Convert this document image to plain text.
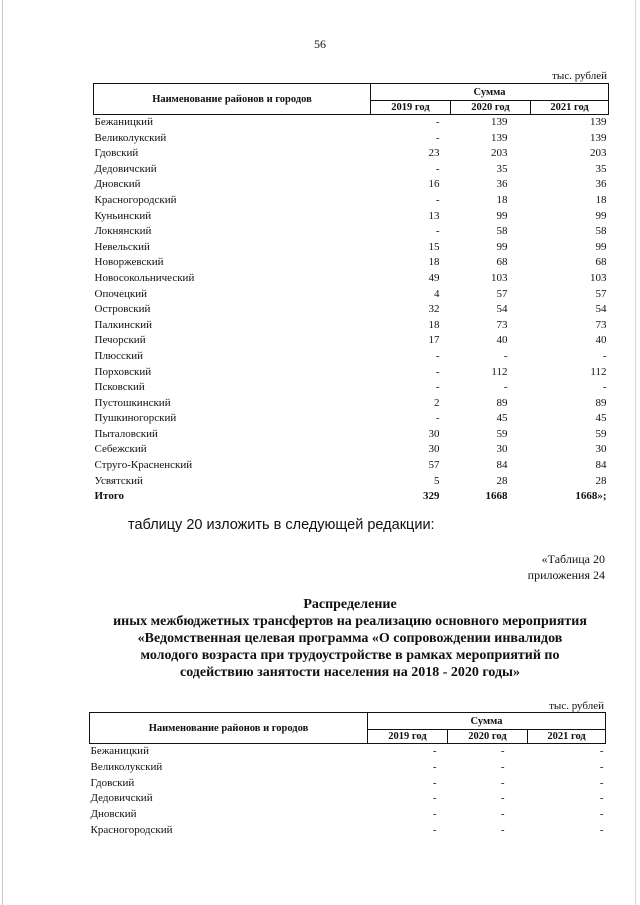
56
тыс. рублей
Наименование районов и городов	Сумма		
	2019 год	2020 год	2021 год
Бежаницкий	-	139	139
Великолукский	-	139	139
Гдовский	23	203	203
Дедовичский	-	35	35
Дновский	16	36	36
Красногородский	-	18	18
Куньинский	13	99	99
Локнянский	-	58	58
Невельский	15	99	99
Новоржевский	18	68	68
Новосокольнический	49	103	103
Опочецкий	4	57	57
Островский	32	54	54
Палкинский	18	73	73
Печорский	17	40	40
Плюсский	-	-	-
Порховский	-	112	112
Псковский	-	-	-
Пустошкинский	2	89	89
Пушкиногорский	-	45	45
Пыталовский	30	59	59
Себежский	30	30	30
Струго-Красненский	57	84	84
Усвятский	5	28	28
Итого	329	1668	1668»;
таблицу 20 изложить в следующей редакции:
«Таблица 20
приложения 24
Распределение
иных межбюджетных трансфертов на реализацию основного мероприятия
«Ведомственная целевая программа «О сопровождении инвалидов
молодого возраста при трудоустройстве в рамках мероприятий по
содействию занятости населения на 2018 - 2020 годы»
тыс. рублей
Наименование районов и городов	Сумма		
	2019 год	2020 год	2021 год
Бежаницкий	-	-	-
Великолукский	-	-	-
Гдовский	-	-	-
Дедовичский	-	-	-
Дновский	-	-	-
Красногородский	-	-	-
